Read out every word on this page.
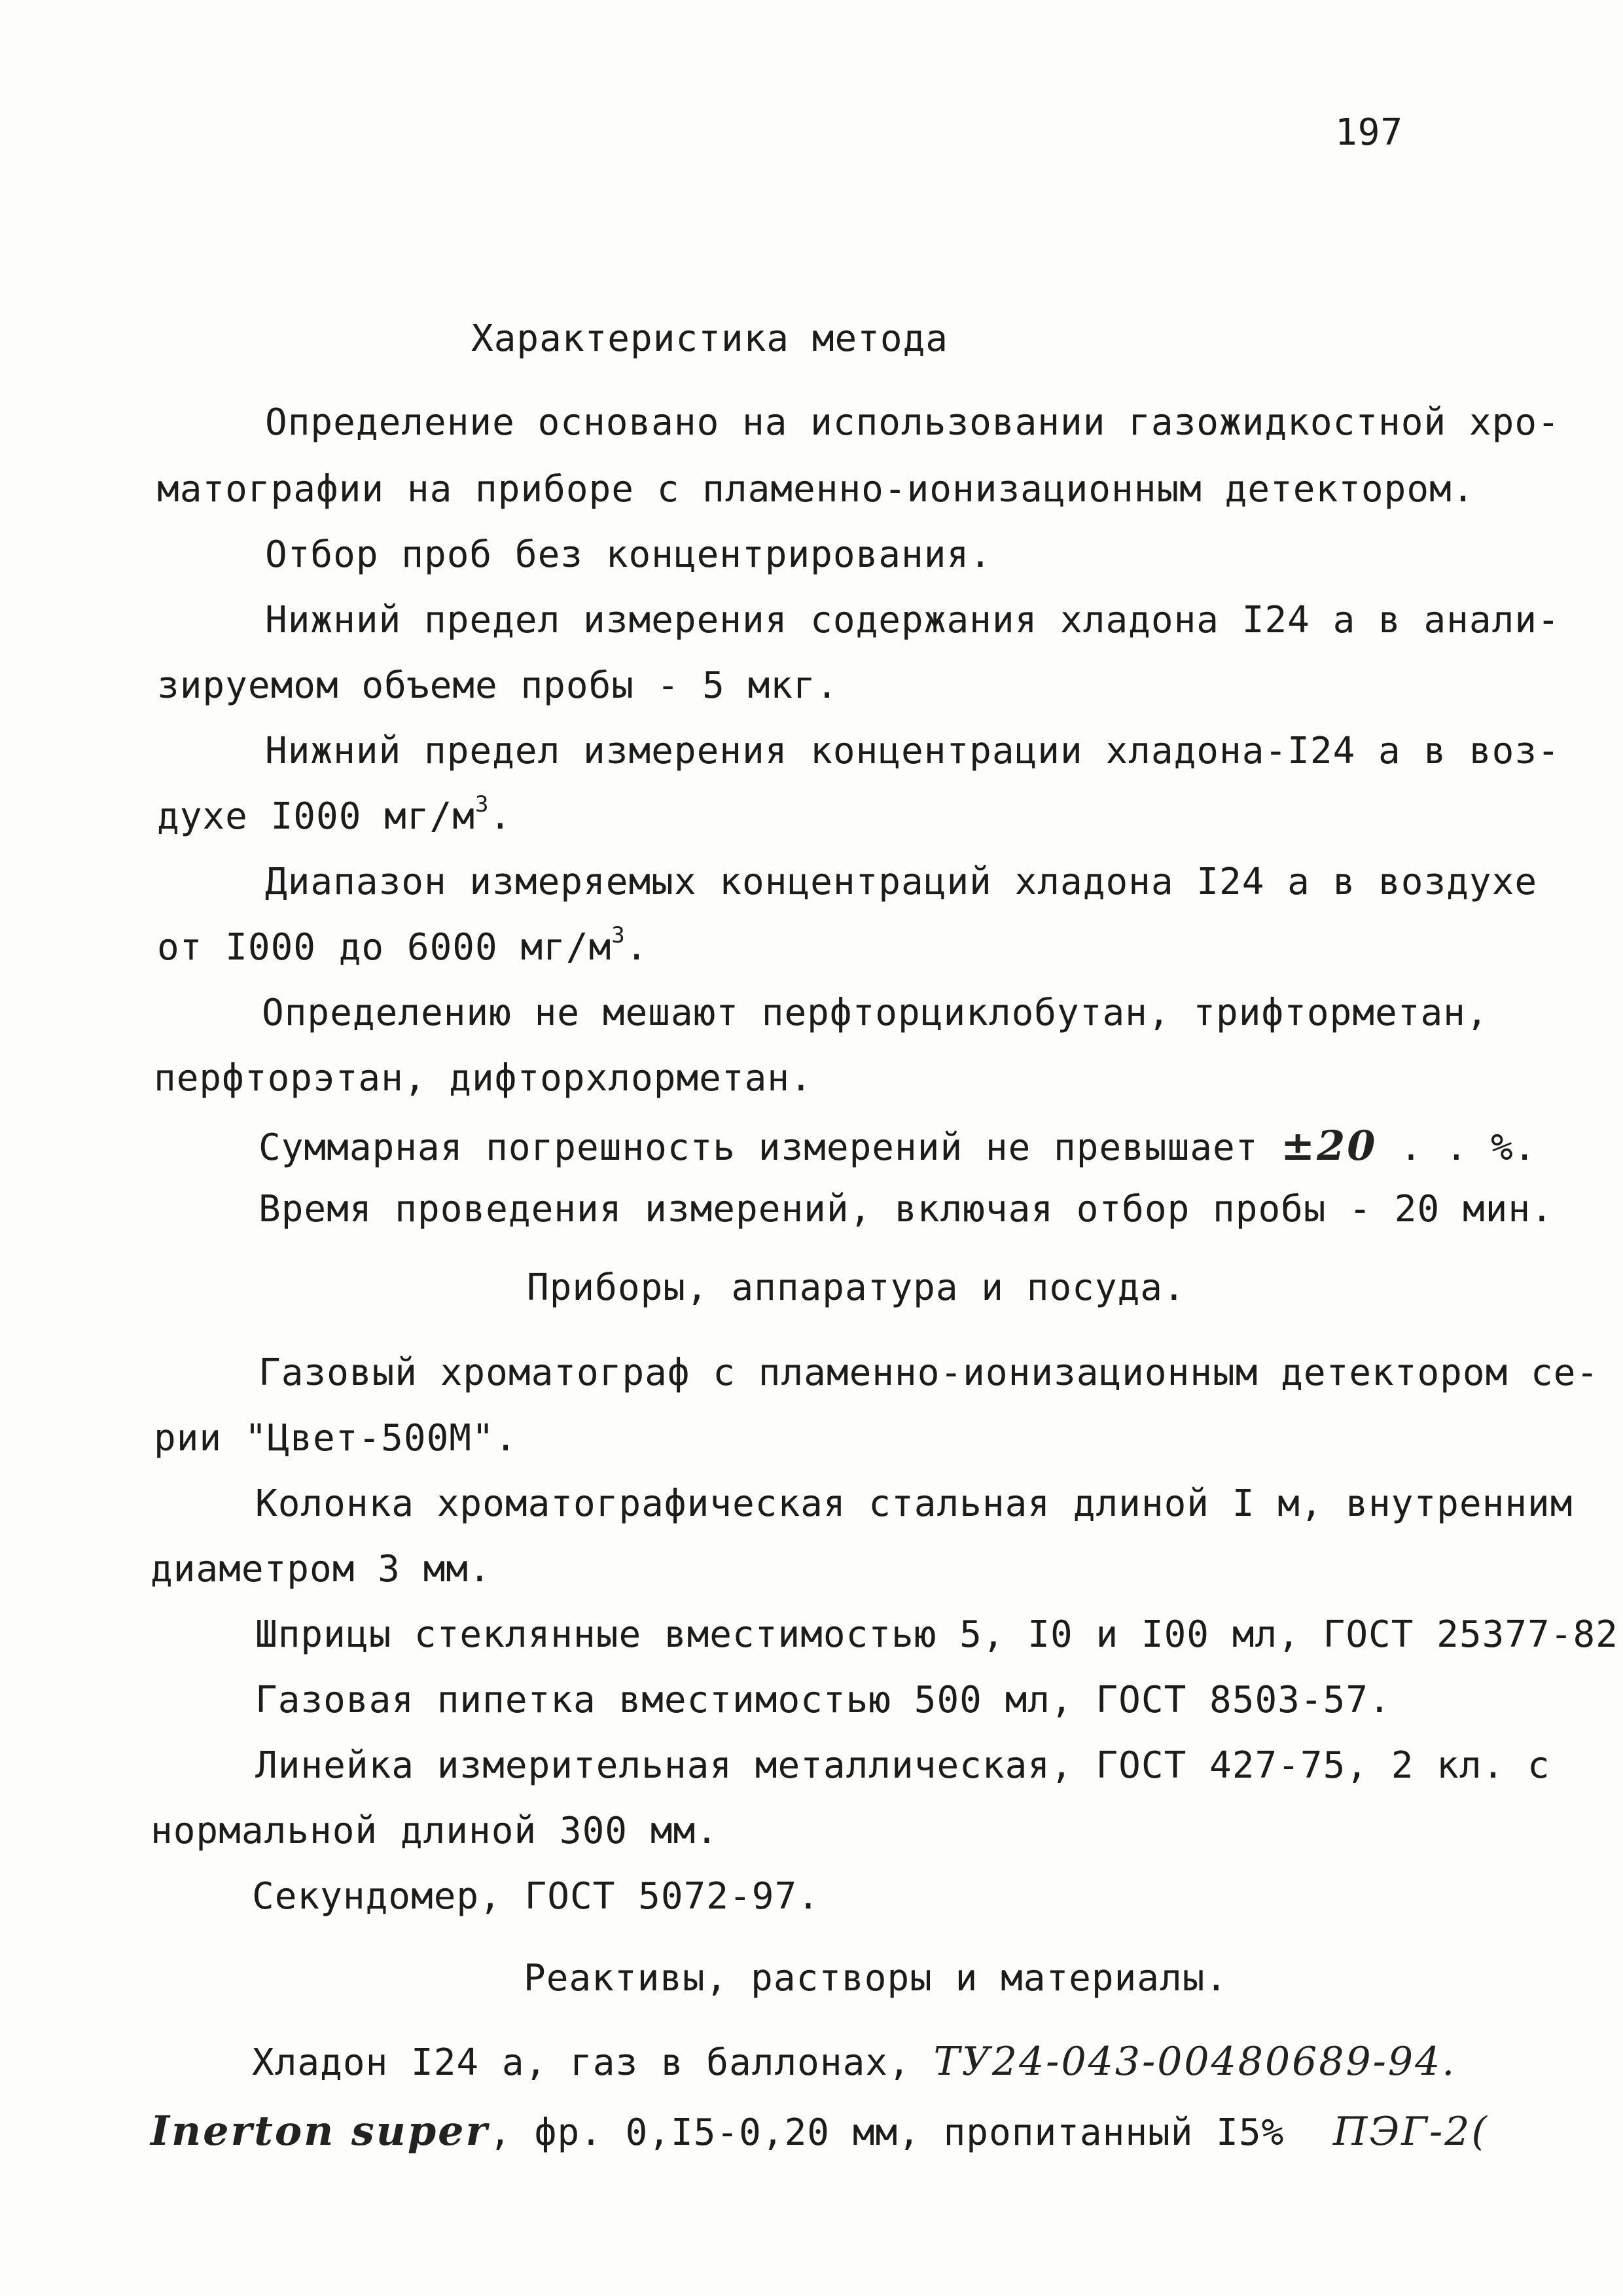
197
Характеристика метода
Определение основано на использовании газожидкостной хро-
матографии на приборе с пламенно-ионизационным детектором.
Отбор проб без концентрирования.
Нижний предел измерения содержания хладона I24 а в анали-
зируемом объеме пробы - 5 мкг.
Нижний предел измерения концентрации хладона-I24 а в воз-
духе I000 $мг/м^3$.
Диапазон измеряемых концентраций хладона I24 а в воздухе
от I000 до 6000 $мг/м^3$.
Определению не мешают перфторциклобутан, трифторметан,
перфторэтан, дифторхлорметан.
Суммарная погрешность измерений не превышает ±20 . . %.
Время проведения измерений, включая отбор пробы - 20 мин.
Приборы, аппаратура и посуда.
Газовый хроматограф с пламенно-ионизационным детектором се-
рии "Цвет-500М".
Колонка хроматографическая стальная длиной I м, внутренним
диаметром 3 мм.
Шприцы стеклянные вместимостью 5, I0 и I00 мл, ГОСТ 25377-82
Газовая пипетка вместимостью 500 мл, ГОСТ 8503-57.
Линейка измерительная металлическая, ГОСТ 427-75, 2 кл. с
нормальной длиной 300 мм.
Секундомер, ГОСТ 5072-97.
Реактивы, растворы и материалы.
Хладон I24 а, газ в баллонах, ТУ24-043-00480689-94.
Inerton super, фр. 0,I5-0,20 мм, пропитанный I5% ПЭГ-2(
